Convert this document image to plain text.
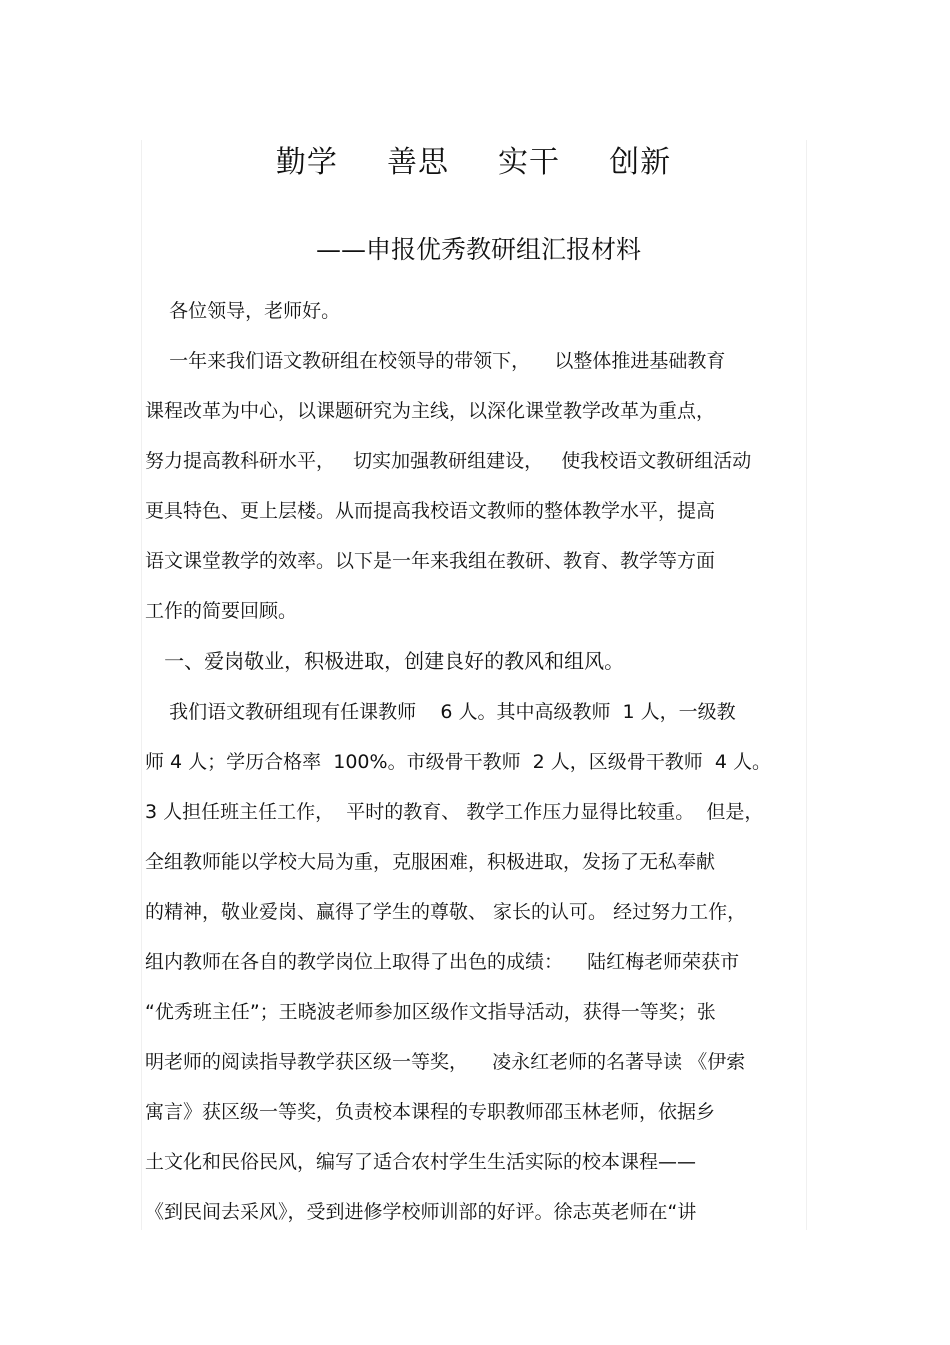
勤学  善思  实干  创新
——申报优秀教研组汇报材料
各位领导，老师好。
一年来我们语文教研组在校领导的带领下，    以整体推进基础教育
课程改革为中心，以课题研究为主线，以深化课堂教学改革为重点，
努力提高教科研水平，   切实加强教研组建设，   使我校语文教研组活动
更具特色、更上层楼。从而提高我校语文教师的整体教学水平，提高
语文课堂教学的效率。以下是一年来我组在教研、教育、教学等方面
工作的简要回顾。
一、爱岗敬业，积极进取，创建良好的教风和组风。
我们语文教研组现有任课教师    6 人。其中高级教师  1 人，一级教
师 4 人；学历合格率  100%。市级骨干教师  2 人，区级骨干教师  4 人。
3 人担任班主任工作，  平时的教育、 教学工作压力显得比较重。  但是，
全组教师能以学校大局为重，克服困难，积极进取，发扬了无私奉献
的精神，敬业爱岗、赢得了学生的尊敬、 家长的认可。 经过努力工作，
组内教师在各自的教学岗位上取得了出色的成绩：    陆红梅老师荣获市
“优秀班主任”；王晓波老师参加区级作文指导活动，获得一等奖；张
明老师的阅读指导教学获区级一等奖，    凌永红老师的名著导读 《伊索
寓言》获区级一等奖，负责校本课程的专职教师邵玉林老师，依据乡
土文化和民俗民风，编写了适合农村学生生活实际的校本课程——
《到民间去采风》，受到进修学校师训部的好评。徐志英老师在“讲
